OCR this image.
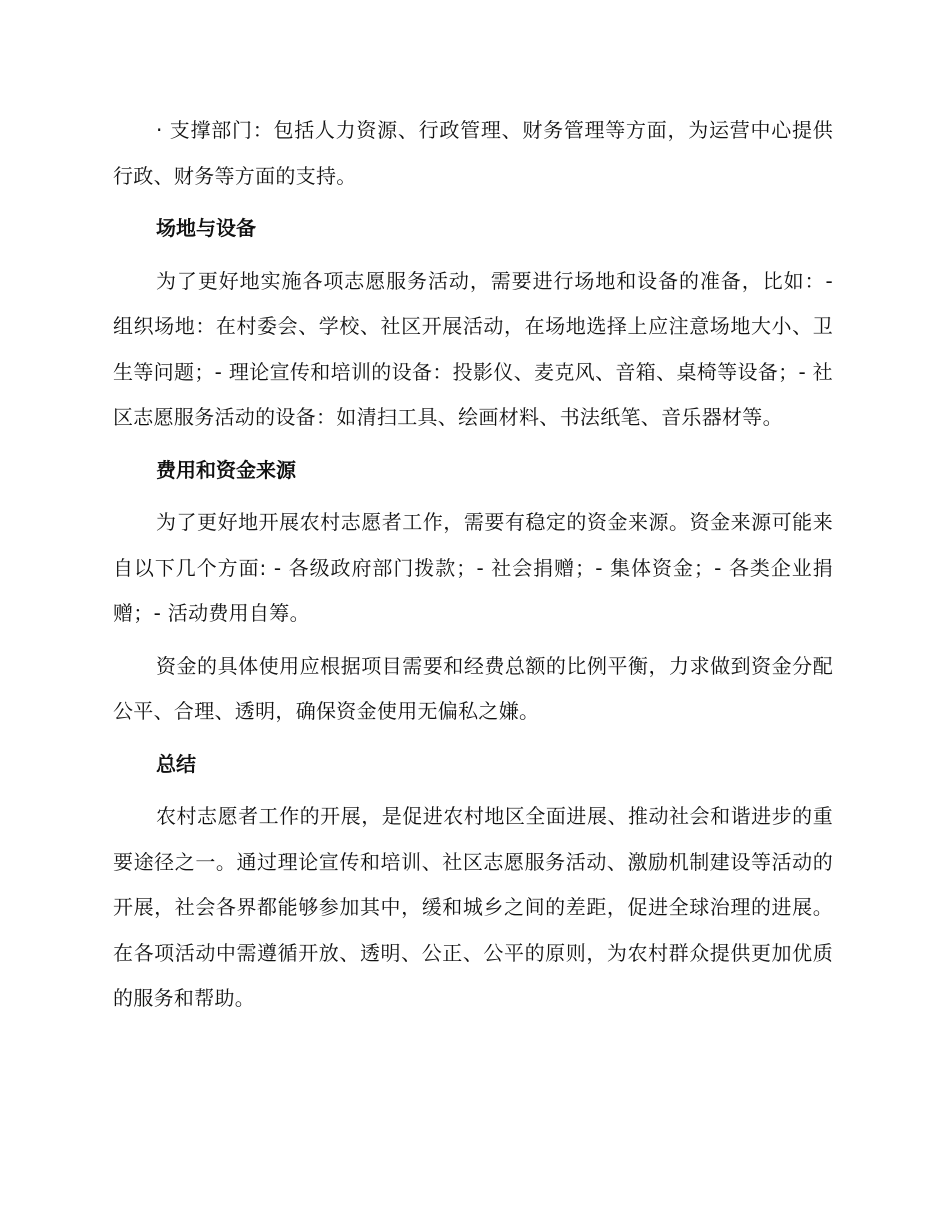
· 支撑部门：包括人力资源、行政管理、财务管理等方面，为运营中心提供行政、财务等方面的支持。

场地与设备

为了更好地实施各项志愿服务活动，需要进行场地和设备的准备，比如：- 组织场地：在村委会、学校、社区开展活动，在场地选择上应注意场地大小、卫生等问题；- 理论宣传和培训的设备：投影仪、麦克风、音箱、桌椅等设备；- 社区志愿服务活动的设备：如清扫工具、绘画材料、书法纸笔、音乐器材等。

费用和资金来源

为了更好地开展农村志愿者工作，需要有稳定的资金来源。资金来源可能来自以下几个方面: - 各级政府部门拨款；- 社会捐赠；- 集体资金；- 各类企业捐赠；- 活动费用自筹。

资金的具体使用应根据项目需要和经费总额的比例平衡，力求做到资金分配公平、合理、透明，确保资金使用无偏私之嫌。

总结

农村志愿者工作的开展，是促进农村地区全面进展、推动社会和谐进步的重要途径之一。通过理论宣传和培训、社区志愿服务活动、激励机制建设等活动的开展，社会各界都能够参加其中，缓和城乡之间的差距，促进全球治理的进展。在各项活动中需遵循开放、透明、公正、公平的原则，为农村群众提供更加优质的服务和帮助。
